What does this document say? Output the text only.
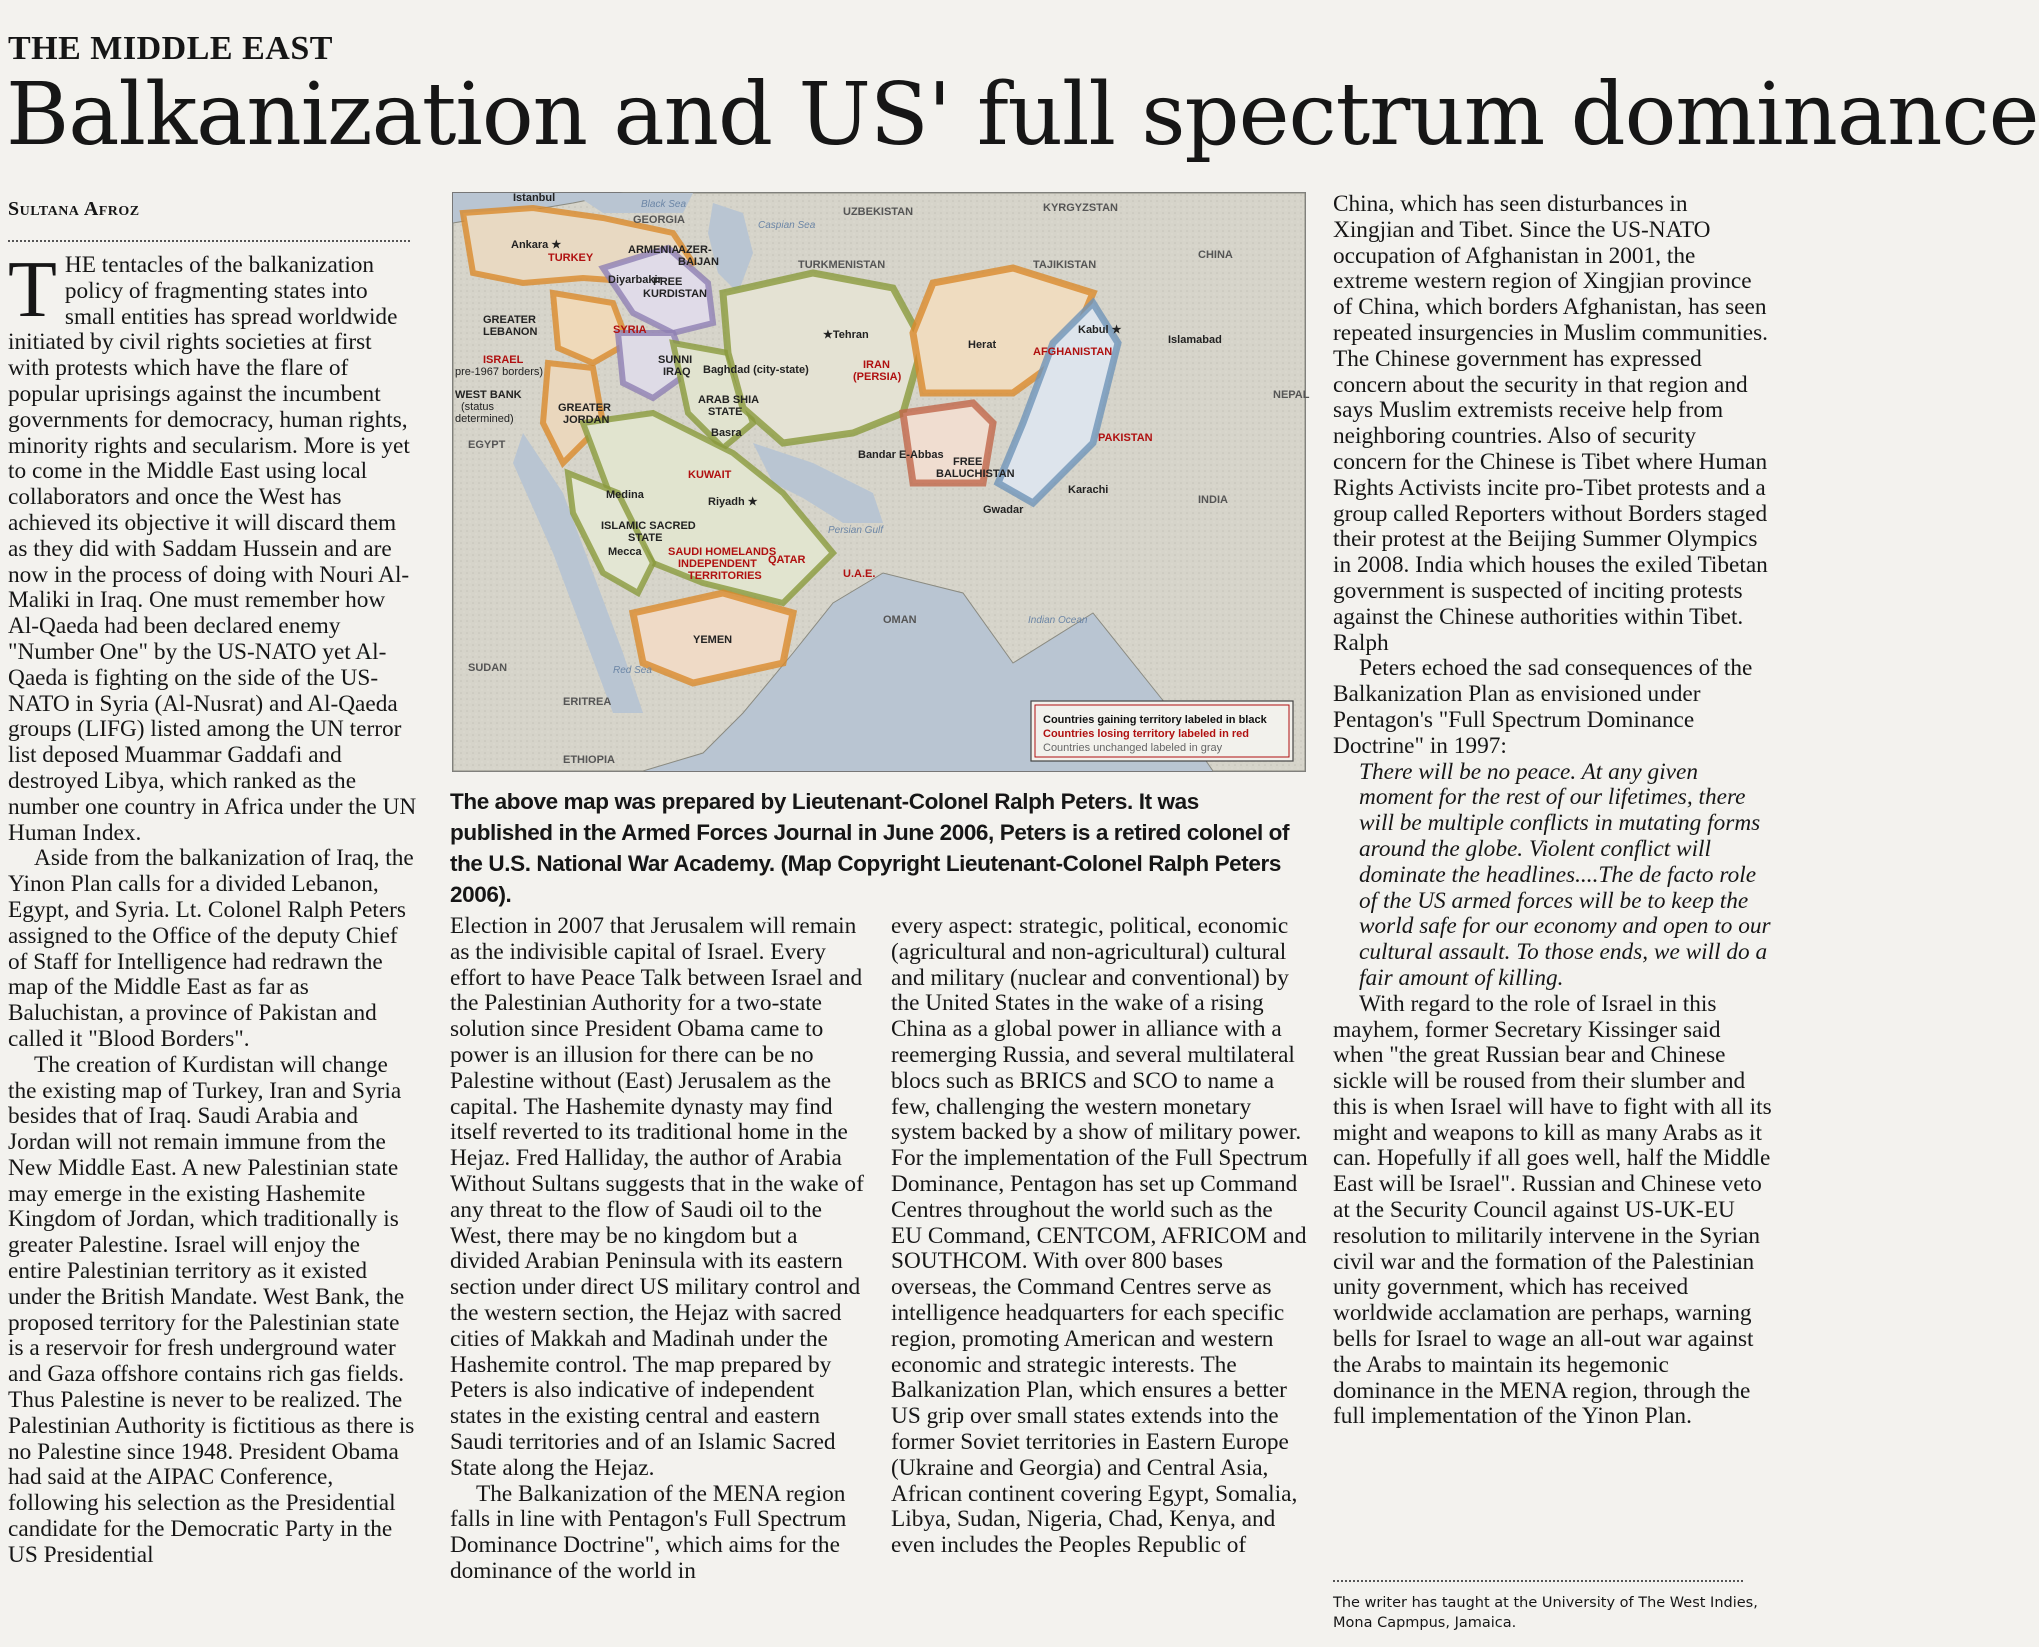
THE MIDDLE EAST
Balkanization and US' full spectrum dominance
Sultana Afroz

THE tentacles of the balkanization policy of fragmenting states into small entities has spread worldwide initiated by civil rights societies at first with protests which have the flare of popular uprisings against the incumbent governments for democracy, human rights, minority rights and secularism. More is yet to come in the Middle East using local collaborators and once the West has achieved its objective it will discard them as they did with Saddam Hussein and are now in the process of doing with Nouri Al-Maliki in Iraq. One must remember how Al-Qaeda had been declared enemy "Number One" by the US-NATO yet Al-Qaeda is fighting on the side of the US-NATO in Syria (Al-Nusrat) and Al-Qaeda groups (LIFG) listed among the UN terror list deposed Muammar Gaddafi and destroyed Libya, which ranked as the number one country in Africa under the UN Human Index.

Aside from the balkanization of Iraq, the Yinon Plan calls for a divided Lebanon, Egypt, and Syria. Lt. Colonel Ralph Peters assigned to the Office of the deputy Chief of Staff for Intelligence had redrawn the map of the Middle East as far as Baluchistan, a province of Pakistan and called it "Blood Borders".

The creation of Kurdistan will change the existing map of Turkey, Iran and Syria besides that of Iraq. Saudi Arabia and Jordan will not remain immune from the New Middle East. A new Palestinian state may emerge in the existing Hashemite Kingdom of Jordan, which traditionally is greater Palestine. Israel will enjoy the entire Palestinian territory as it existed under the British Mandate. West Bank, the proposed territory for the Palestinian state is a reservoir for fresh underground water and Gaza offshore contains rich gas fields. Thus Palestine is never to be realized. The Palestinian Authority is fictitious as there is no Palestine since 1948. President Obama had said at the AIPAC Conference, following his selection as the Presidential candidate for the Democratic Party in the US Presidential

TURKEY
FREE
KURDISTAN
SYRIA
SUNNI
IRAQ
ARAB SHIA
STATE
GREATER
JORDAN
IRAN
(PERSIA)
AFGHANISTAN
PAKISTAN
FREE
BALUCHISTAN
ISLAMIC SACRED
STATE
SAUDI HOMELANDS
INDEPENDENT
TERRITORIES
YEMEN
AZER-
BAIJAN
ARMENIA
GREATER
LEBANON
ISRAEL
pre-1967 borders)
WEST BANK
(status
determined)
GEORGIA
UZBEKISTAN	KYRGYZSTAN
TAJIKISTAN
TURKMENISTAN
CHINA
NEPAL
INDIA
EGYPT
SUDAN
ERITREA
ETHIOPIA
OMAN
U.A.E.
QATAR
KUWAIT
Black Sea
Caspian Sea
Persian Gulf
Red Sea
Indian Ocean
Istanbul
Ankara ★
Diyarbakir
★Tehran
Baghdad (city-state)
Basra
Herat
Kabul ★
Islamabad
Riyadh ★
Medina
Mecca
Bandar E-Abbas
Gwadar
Karachi
Countries gaining territory labeled in black
Countries losing territory labeled in red
Countries unchanged labeled in gray
The above map was prepared by Lieutenant-Colonel Ralph Peters. It was published in the Armed Forces Journal in June 2006, Peters is a retired colonel of the U.S. National War Academy. (Map Copyright Lieutenant-Colonel Ralph Peters 2006).

Election in 2007 that Jerusalem will remain as the indivisible capital of Israel. Every effort to have Peace Talk between Israel and the Palestinian Authority for a two-state solution since President Obama came to power is an illusion for there can be no Palestine without (East) Jerusalem as the capital. The Hashemite dynasty may find itself reverted to its traditional home in the Hejaz. Fred Halliday, the author of Arabia Without Sultans suggests that in the wake of any threat to the flow of Saudi oil to the West, there may be no kingdom but a divided Arabian Peninsula with its eastern section under direct US military control and the western section, the Hejaz with sacred cities of Makkah and Madinah under the Hashemite control. The map prepared by Peters is also indicative of independent states in the existing central and eastern Saudi territories and of an Islamic Sacred State along the Hejaz.

The Balkanization of the MENA region falls in line with Pentagon's Full Spectrum Dominance Doctrine", which aims for the dominance of the world in

every aspect: strategic, political, economic (agricultural and non-agricultural) cultural and military (nuclear and conventional) by the United States in the wake of a rising China as a global power in alliance with a reemerging Russia, and several multilateral blocs such as BRICS and SCO to name a few, challenging the western monetary system backed by a show of military power. For the implementation of the Full Spectrum Dominance, Pentagon has set up Command Centres throughout the world such as the EU Command, CENTCOM, AFRICOM and SOUTHCOM. With over 800 bases overseas, the Command Centres serve as intelligence headquarters for each specific region, promoting American and western economic and strategic interests. The Balkanization Plan, which ensures a better US grip over small states extends into the former Soviet territories in Eastern Europe (Ukraine and Georgia) and Central Asia, African continent covering Egypt, Somalia, Libya, Sudan, Nigeria, Chad, Kenya, and even includes the Peoples Republic of

China, which has seen disturbances in Xingjian and Tibet. Since the US-NATO occupation of Afghanistan in 2001, the extreme western region of Xingjian province of China, which borders Afghanistan, has seen repeated insurgencies in Muslim communities. The Chinese government has expressed concern about the security in that region and says Muslim extremists receive help from neighboring countries. Also of security concern for the Chinese is Tibet where Human Rights Activists incite pro-Tibet protests and a group called Reporters without Borders staged their protest at the Beijing Summer Olympics in 2008. India which houses the exiled Tibetan government is suspected of inciting protests against the Chinese authorities within Tibet. Ralph

Peters echoed the sad consequences of the Balkanization Plan as envisioned under Pentagon's "Full Spectrum Dominance Doctrine" in 1997:

There will be no peace. At any given moment for the rest of our lifetimes, there will be multiple conflicts in mutating forms around the globe. Violent conflict will dominate the headlines....The de facto role of the US armed forces will be to keep the world safe for our economy and open to our cultural assault. To those ends, we will do a fair amount of killing.

With regard to the role of Israel in this mayhem, former Secretary Kissinger said when "the great Russian bear and Chinese sickle will be roused from their slumber and this is when Israel will have to fight with all its might and weapons to kill as many Arabs as it can. Hopefully if all goes well, half the Middle East will be Israel". Russian and Chinese veto at the Security Council against US-UK-EU resolution to militarily intervene in the Syrian civil war and the formation of the Palestinian unity government, which has received worldwide acclamation are perhaps, warning bells for Israel to wage an all-out war against the Arabs to maintain its hegemonic dominance in the MENA region, through the full implementation of the Yinon Plan.

The writer has taught at the University of The West Indies, Mona Capmpus, Jamaica.
